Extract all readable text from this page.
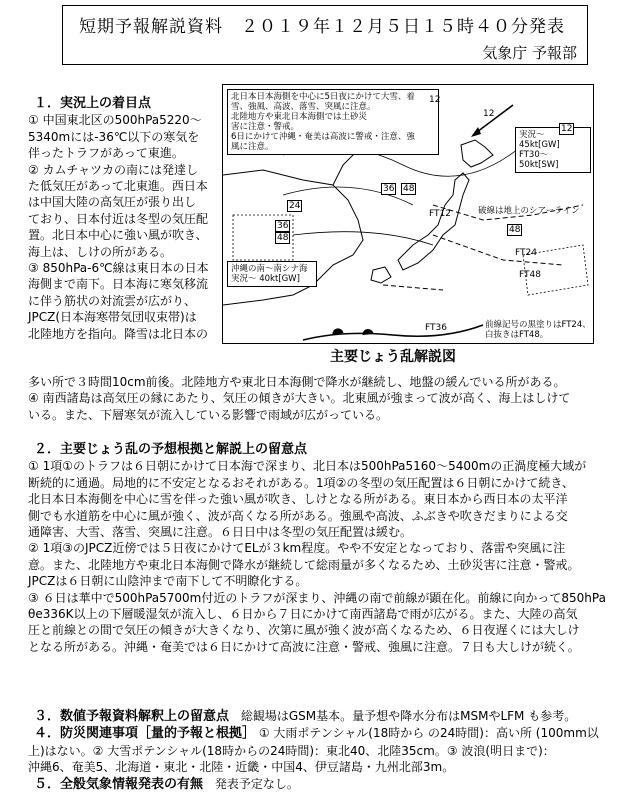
短期予報解説資料　２０１９年１２月５日１５時４０分発表
気象庁 予報部

１．実況上の着目点

① 中国東北区の500hPa5220～

5340mには-36℃以下の寒気を

伴ったトラフがあって東進。

② カムチャツカの南には発達し

た低気圧があって北東進。西日本

は中国大陸の高気圧が張り出し

ており、日本付近は冬型の気圧配

置。北日本中心に強い風が吹き、

海上は、しけの所がある。

③ 850hPa-6℃線は東日本の日本

海側まで南下。日本海に寒気移流

に伴う筋状の対流雲が広がり、

JPCZ(日本海寒帯気団収束帯)は

北陸地方を指向。降雪は北日本の

多い所で３時間10cm前後。北陸地方や東北日本海側で降水が継続し、地盤の緩んでいる所がある。

④ 南西諸島は高気圧の縁にあたり、気圧の傾きが大きい。北東風が強まって波が高く、海上はしけて

いる。また、下層寒気が流入している影響で雨域が広がっている。

北日本日本海側を中心に5日夜にかけて大雪、着

雪、強風、高波、落雪、突風に注意。

北陸地方や東北日本海側では土砂災

害に注意・警戒。

6日にかけて沖縄・奄美は高波に警戒・注意、強

風に注意。

実況～ 45kt[GW]

FT30～ 50kt[SW]

沖縄の南～南シナ海

実況～ 40kt[GW]

破線は地上のシアーライン

前線記号の黒塗りはFT24、

白抜きはFT48。

12
36 48
24
36
48
FT12
48
FT24
FT48
FT36
12
12
主要じょう乱解説図

２．主要じょう乱の予想根拠と解説上の留意点

① 1項①のトラフは６日朝にかけて日本海で深まり、北日本は500hPa5160～5400mの正渦度極大域が

断続的に通過。局地的に不安定となるおそれがある。1項②の冬型の気圧配置は６日朝にかけて続き、

北日本日本海側を中心に雪を伴った強い風が吹き、しけとなる所がある。東日本から西日本の太平洋

側でも水道筋を中心に風が強く、波が高くなる所がある。強風や高波、ふぶきや吹きだまりによる交

通障害、大雪、落雪、突風に注意。６日日中は冬型の気圧配置は緩む。

② 1項③のJPCZ近傍では５日夜にかけてELが３km程度。やや不安定となっており、落雷や突風に注

意。また、北陸地方や東北日本海側で降水が継続して総雨量が多くなるため、土砂災害に注意・警戒。

JPCZは６日朝に山陰沖まで南下して不明瞭化する。

③ ６日は華中で500hPa5700m付近のトラフが深まり、沖縄の南で前線が顕在化。前線に向かって850hPa

θe336K以上の下層暖湿気が流入し、６日から７日にかけて南西諸島で雨が広がる。また、大陸の高気

圧と前線との間で気圧の傾きが大きくなり、次第に風が強く波が高くなるため、６日夜遅くには大しけ

となる所がある。沖縄・奄美では６日にかけて高波に注意・警戒、強風に注意。７日も大しけが続く。

３．数値予報資料解釈上の留意点 総観場はGSM基本。量予想や降水分布はMSMやLFM も参考。

４．防災関連事項［量的予報と根拠］ ① 大雨ポテンシャル(18時から の24時間)：高い所 (100mm以

上)はない。② 大雪ポテンシャル(18時からの24時間)：東北40、北陸35cm。③ 波浪(明日まで)：

沖縄6、奄美5、北海道・東北・北陸・近畿・中国4、伊豆諸島・九州北部3m。

５．全般気象情報発表の有無 発表予定なし。
